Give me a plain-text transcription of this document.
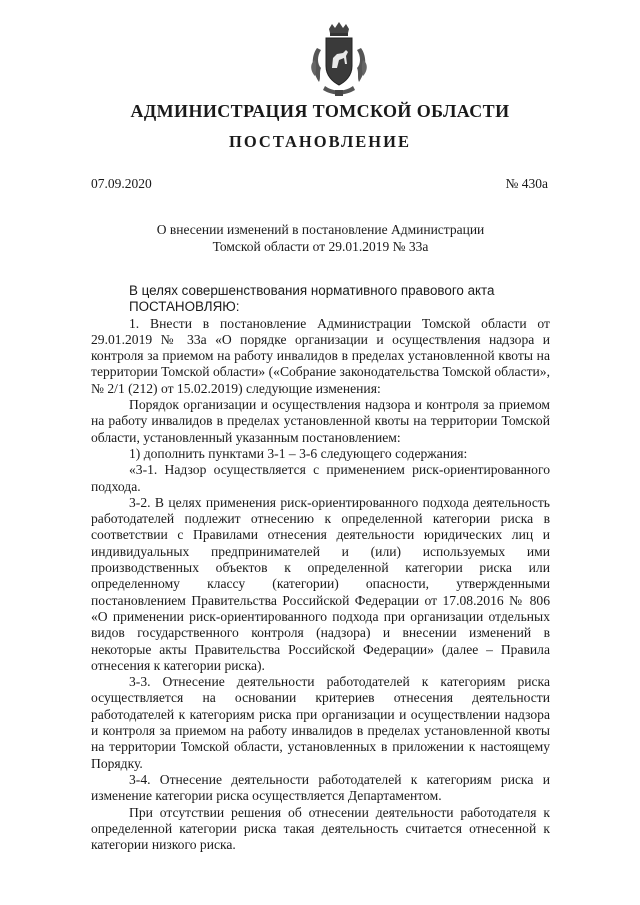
АДМИНИСТРАЦИЯ ТОМСКОЙ ОБЛАСТИ
ПОСТАНОВЛЕНИЕ
07.09.2020	№ 430а
О внесении изменений в постановление Администрации
Томской области от 29.01.2019 № 33а

В целях совершенствования нормативного правового акта

ПОСТАНОВЛЯЮ:

1. Внести в постановление Администрации Томской области от 29.01.2019 № 33а «О порядке организации и осуществления надзора и контроля за приемом на работу инвалидов в пределах установленной квоты на территории Томской области» («Собрание законодательства Томской области», № 2/1 (212) от 15.02.2019) следующие изменения:

Порядок организации и осуществления надзора и контроля за приемом на работу инвалидов в пределах установленной квоты на территории Томской области, установленный указанным постановлением:

1) дополнить пунктами 3-1 – 3-6 следующего содержания:

«3-1. Надзор осуществляется с применением риск-ориентированного подхода.

3-2. В целях применения риск-ориентированного подхода деятельность работодателей подлежит отнесению к определенной категории риска в соответствии с Правилами отнесения деятельности юридических лиц и индивидуальных предпринимателей и (или) используемых ими производственных объектов к определенной категории риска или определенному классу (категории) опасности, утвержденными постановлением Правительства Российской Федерации от 17.08.2016 № 806 «О применении риск-ориентированного подхода при организации отдельных видов государственного контроля (надзора) и внесении изменений в некоторые акты Правительства Российской Федерации» (далее – Правила отнесения к категории риска).

3-3. Отнесение деятельности работодателей к категориям риска осуществляется на основании критериев отнесения деятельности работодателей к категориям риска при организации и осуществлении надзора и контроля за приемом на работу инвалидов в пределах установленной квоты на территории Томской области, установленных в приложении к настоящему Порядку.

3-4. Отнесение деятельности работодателей к категориям риска и изменение категории риска осуществляется Департаментом.

При отсутствии решения об отнесении деятельности работодателя к определенной категории риска такая деятельность считается отнесенной к категории низкого риска.
